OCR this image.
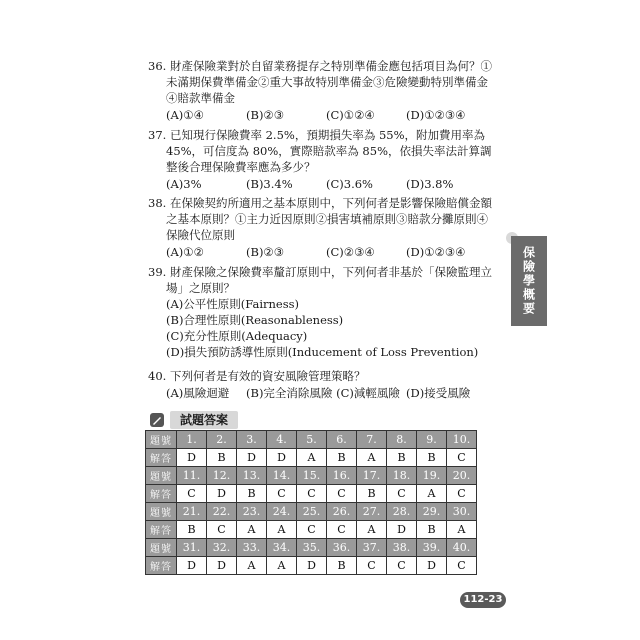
36. 財產保險業對於自留業務提存之特別準備金應包括項目為何？①未滿期保費準備金②重大事故特別準備金③危險變動特別準備金④賠款準備金
(A)①④	(B)②③	(C)①②④	(D)①②③④
37. 已知現行保險費率 2.5%，預期損失率為 55%，附加費用率為 45%，可信度為 80%，實際賠款率為 85%，依損失率法計算調整後合理保險費率應為多少？
(A)3%	(B)3.4%	(C)3.6%	(D)3.8%
38. 在保險契約所適用之基本原則中，下列何者是影響保險賠償金額之基本原則？①主力近因原則②損害填補原則③賠款分攤原則④保險代位原則
(A)①②	(B)②③	(C)②③④	(D)①②③④
39. 財產保險之保險費率釐訂原則中，下列何者非基於「保險監理立場」之原則？
(A)公平性原則(Fairness)
(B)合理性原則(Reasonableness)
(C)充分性原則(Adequacy)
(D)損失預防誘導性原則(Inducement of Loss Prevention)
40. 下列何者是有效的資安風險管理策略？
(A)風險迴避	(B)完全消除風險 (C)減輕風險 (D)接受風險
保險學概要
試題答案
題號	1.	2.	3.	4.	5.	6.	7.	8.	9.	10.
解答	D	B	D	D	A	B	A	B	B	C
題號	11.	12.	13.	14.	15.	16.	17.	18.	19.	20.
解答	C	D	B	C	C	C	B	C	A	C
題號	21.	22.	23.	24.	25.	26.	27.	28.	29.	30.
解答	B	C	A	A	C	C	A	D	B	A
題號	31.	32.	33.	34.	35.	36.	37.	38.	39.	40.
解答	D	D	A	A	D	B	C	C	D	C
112-23
